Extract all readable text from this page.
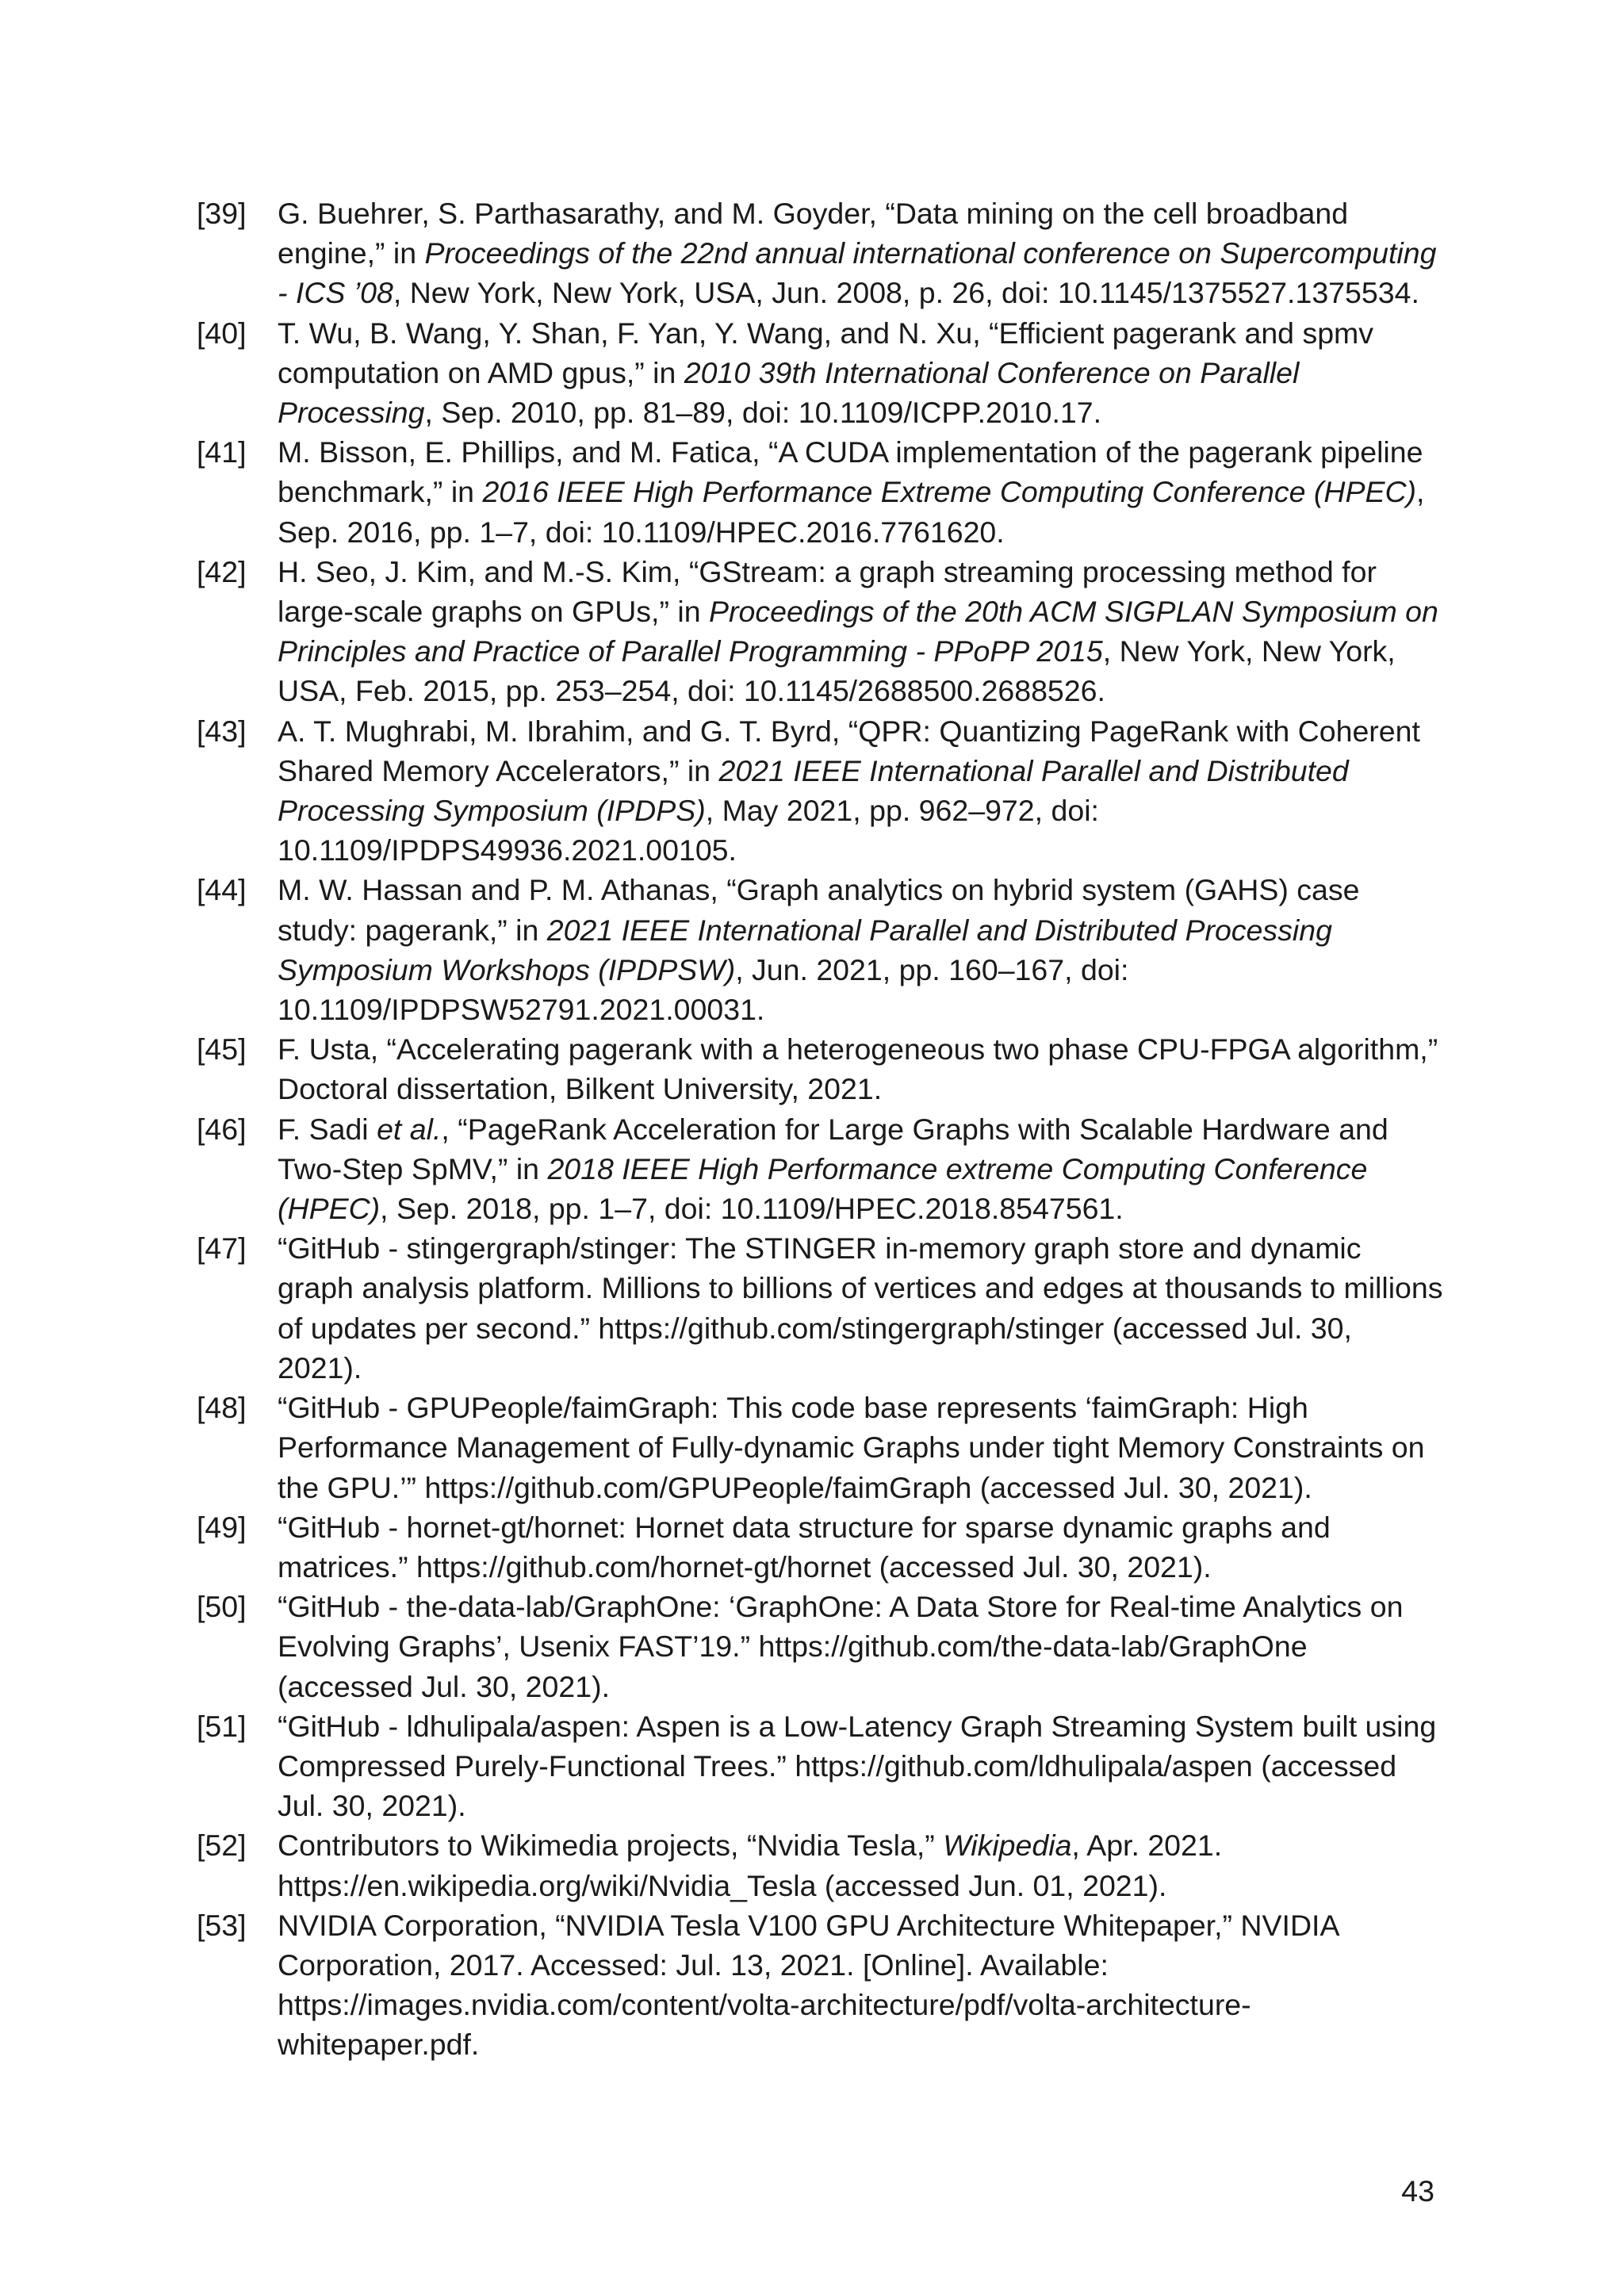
[39]	G. Buehrer, S. Parthasarathy, and M. Goyder, “Data mining on the cell broadband engine,” in Proceedings of the 22nd annual international conference on Supercomputing - ICS ’08, New York, New York, USA, Jun. 2008, p. 26, doi: 10.1145/1375527.1375534.
[40]	T. Wu, B. Wang, Y. Shan, F. Yan, Y. Wang, and N. Xu, “Efficient pagerank and spmv computation on AMD gpus,” in 2010 39th International Conference on Parallel Processing, Sep. 2010, pp. 81–89, doi: 10.1109/ICPP.2010.17.
[41]	M. Bisson, E. Phillips, and M. Fatica, “A CUDA implementation of the pagerank pipeline benchmark,” in 2016 IEEE High Performance Extreme Computing Conference (HPEC), Sep. 2016, pp. 1–7, doi: 10.1109/HPEC.2016.7761620.
[42]	H. Seo, J. Kim, and M.-S. Kim, “GStream: a graph streaming processing method for large-scale graphs on GPUs,” in Proceedings of the 20th ACM SIGPLAN Symposium on Principles and Practice of Parallel Programming - PPoPP 2015, New York, New York, USA, Feb. 2015, pp. 253–254, doi: 10.1145/2688500.2688526.
[43]	A. T. Mughrabi, M. Ibrahim, and G. T. Byrd, “QPR: Quantizing PageRank with Coherent Shared Memory Accelerators,” in 2021 IEEE International Parallel and Distributed Processing Symposium (IPDPS), May 2021, pp. 962–972, doi: 10.1109/IPDPS49936.2021.00105.
[44]	M. W. Hassan and P. M. Athanas, “Graph analytics on hybrid system (GAHS) case study: pagerank,” in 2021 IEEE International Parallel and Distributed Processing Symposium Workshops (IPDPSW), Jun. 2021, pp. 160–167, doi: 10.1109/IPDPSW52791.2021.00031.
[45]	F. Usta, “Accelerating pagerank with a heterogeneous two phase CPU-FPGA algorithm,” Doctoral dissertation, Bilkent University, 2021.
[46]	F. Sadi et al., “PageRank Acceleration for Large Graphs with Scalable Hardware and Two-Step SpMV,” in 2018 IEEE High Performance extreme Computing Conference (HPEC), Sep. 2018, pp. 1–7, doi: 10.1109/HPEC.2018.8547561.
[47]	“GitHub - stingergraph/stinger: The STINGER in-memory graph store and dynamic graph analysis platform. Millions to billions of vertices and edges at thousands to millions of updates per second.” https://github.com/stingergraph/stinger (accessed Jul. 30, 2021).
[48]	“GitHub - GPUPeople/faimGraph: This code base represents ‘faimGraph: High Performance Management of Fully-dynamic Graphs under tight Memory Constraints on the GPU.’” https://github.com/GPUPeople/faimGraph (accessed Jul. 30, 2021).
[49]	“GitHub - hornet-gt/hornet: Hornet data structure for sparse dynamic graphs and matrices.” https://github.com/hornet-gt/hornet (accessed Jul. 30, 2021).
[50]	“GitHub - the-data-lab/GraphOne: ‘GraphOne: A Data Store for Real-time Analytics on Evolving Graphs’, Usenix FAST’19.” https://github.com/the-data-lab/GraphOne (accessed Jul. 30, 2021).
[51]	“GitHub - ldhulipala/aspen: Aspen is a Low-Latency Graph Streaming System built using Compressed Purely-Functional Trees.” https://github.com/ldhulipala/aspen (accessed Jul. 30, 2021).
[52]	Contributors to Wikimedia projects, “Nvidia Tesla,” Wikipedia, Apr. 2021. https://en.wikipedia.org/wiki/Nvidia_Tesla (accessed Jun. 01, 2021).
[53]	NVIDIA Corporation, “NVIDIA Tesla V100 GPU Architecture Whitepaper,” NVIDIA Corporation, 2017. Accessed: Jul. 13, 2021. [Online]. Available: https://images.nvidia.com/content/volta-architecture/pdf/volta-architecture-whitepaper.pdf.
43
